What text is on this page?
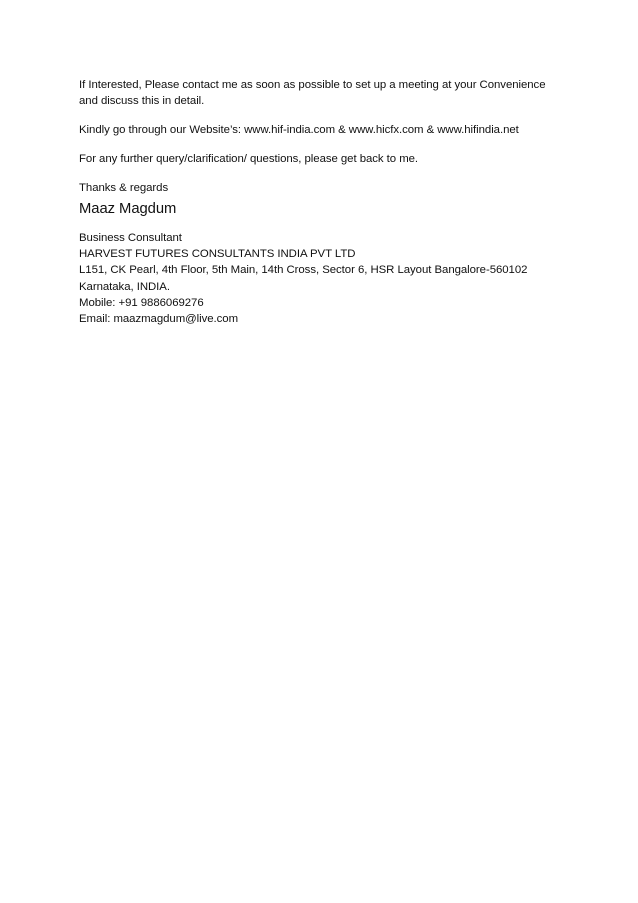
If Interested, Please contact me as soon as possible to set up a meeting at your Convenience
and discuss this in detail.

Kindly go through our Website’s: www.hif-india.com & www.hicfx.com & www.hifindia.net

For any further query/clarification/ questions, please get back to me.

Thanks & regards

Maaz Magdum
Business Consultant
HARVEST FUTURES CONSULTANTS INDIA PVT LTD
L151, CK Pearl, 4th Floor, 5th Main, 14th Cross, Sector 6, HSR Layout Bangalore-560102
Karnataka, INDIA.
Mobile: +91 9886069276
Email: maazmagdum@live.com
